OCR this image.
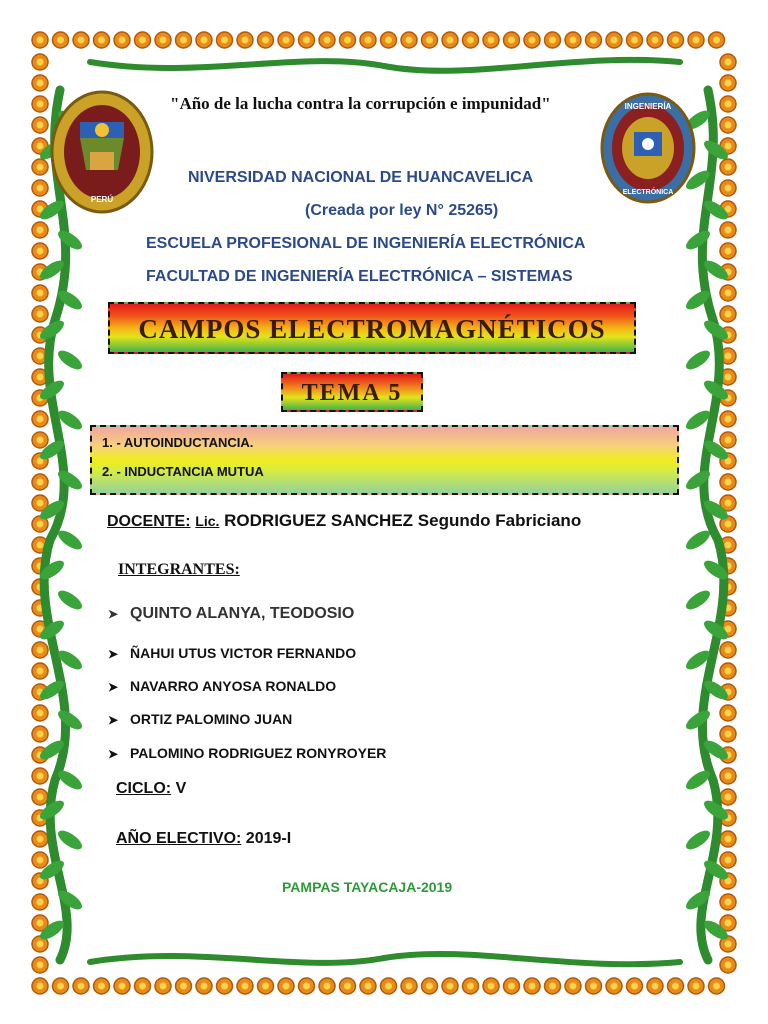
PERÚ
INGENIERÍA
ELECTRÓNICA
"Año de la lucha contra la corrupción e impunidad"
NIVERSIDAD NACIONAL DE HUANCAVELICA
(Creada por ley N° 25265)
ESCUELA PROFESIONAL DE INGENIERÍA ELECTRÓNICA
FACULTAD DE INGENIERÍA ELECTRÓNICA – SISTEMAS
CAMPOS ELECTROMAGNÉTICOS
TEMA 5
1. - AUTOINDUCTANCIA.
2. - INDUCTANCIA MUTUA
DOCENTE: Lic. RODRIGUEZ SANCHEZ Segundo Fabriciano
INTEGRANTES:
➤ QUINTO ALANYA, TEODOSIO
➤ ÑAHUI UTUS VICTOR FERNANDO
➤ NAVARRO ANYOSA RONALDO
➤ ORTIZ PALOMINO JUAN
➤ PALOMINO RODRIGUEZ RONYROYER
CICLO: V
AÑO ELECTIVO: 2019-I
PAMPAS TAYACAJA-2019
